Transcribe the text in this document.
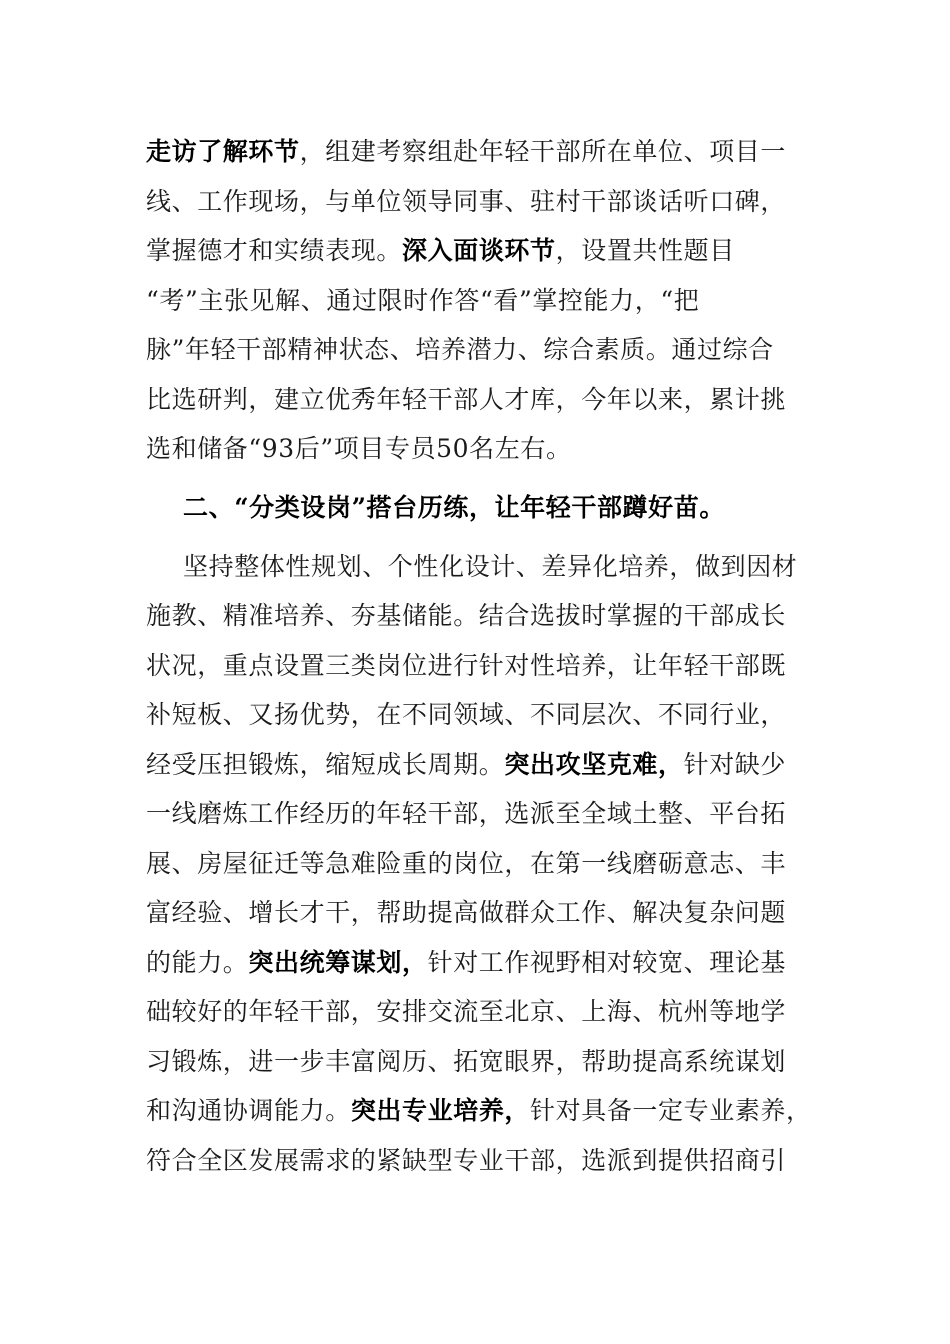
走访了解环节，组建考察组赴年轻干部所在单位、项目一
线、工作现场，与单位领导同事、驻村干部谈话听口碑，
掌握德才和实绩表现。深入面谈环节，设置共性题目
“考”主张见解、通过限时作答“看”掌控能力，“把
脉”年轻干部精神状态、培养潜力、综合素质。通过综合
比选研判，建立优秀年轻干部人才库，今年以来，累计挑
选和储备“93后”项目专员50名左右。
二、“分类设岗”搭台历练，让年轻干部蹲好苗。
坚持整体性规划、个性化设计、差异化培养，做到因材
施教、精准培养、夯基储能。结合选拔时掌握的干部成长
状况，重点设置三类岗位进行针对性培养，让年轻干部既
补短板、又扬优势，在不同领域、不同层次、不同行业，
经受压担锻炼，缩短成长周期。突出攻坚克难，针对缺少
一线磨炼工作经历的年轻干部，选派至全域土整、平台拓
展、房屋征迁等急难险重的岗位，在第一线磨砺意志、丰
富经验、增长才干，帮助提高做群众工作、解决复杂问题
的能力。突出统筹谋划，针对工作视野相对较宽、理论基
础较好的年轻干部，安排交流至北京、上海、杭州等地学
习锻炼，进一步丰富阅历、拓宽眼界，帮助提高系统谋划
和沟通协调能力。突出专业培养，针对具备一定专业素养，
符合全区发展需求的紧缺型专业干部，选派到提供招商引
